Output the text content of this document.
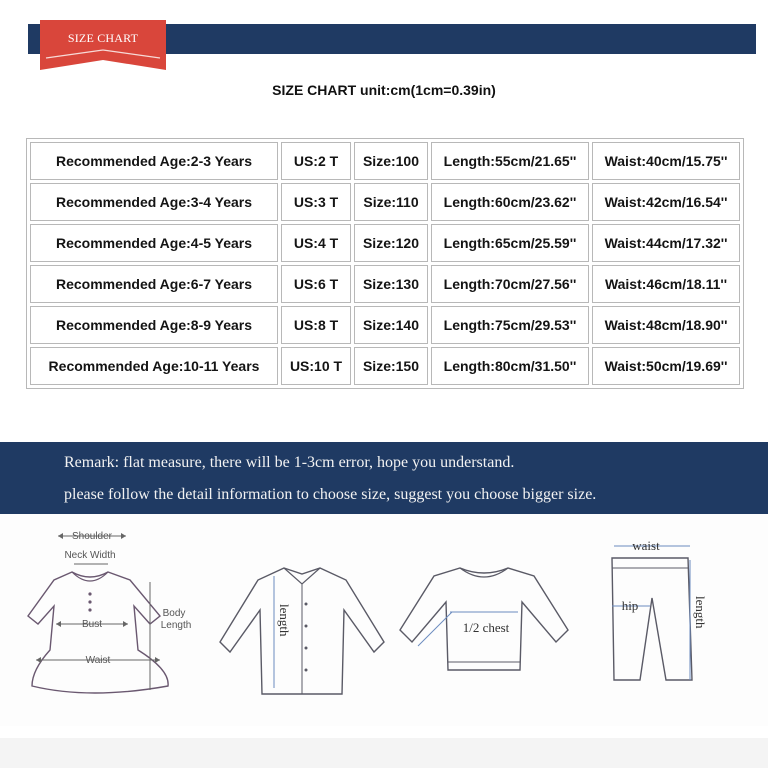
SIZE CHART
SIZE CHART unit:cm(1cm=0.39in)
Recommended Age:2-3 Years	US:2 T	Size:100	Length:55cm/21.65''	Waist:40cm/15.75''
Recommended Age:3-4 Years	US:3 T	Size:110	Length:60cm/23.62''	Waist:42cm/16.54''
Recommended Age:4-5 Years	US:4 T	Size:120	Length:65cm/25.59''	Waist:44cm/17.32''
Recommended Age:6-7 Years	US:6 T	Size:130	Length:70cm/27.56''	Waist:46cm/18.11''
Recommended Age:8-9 Years	US:8 T	Size:140	Length:75cm/29.53''	Waist:48cm/18.90''
Recommended Age:10-11 Years	US:10 T	Size:150	Length:80cm/31.50''	Waist:50cm/19.69''
Remark: flat measure, there will be 1-3cm error, hope you understand.
please follow the detail information to choose size, suggest you choose bigger size.
Shoulder
Neck Width
Bust
Waist
Body
Length	length	1/2 chest
waist
hip	length
